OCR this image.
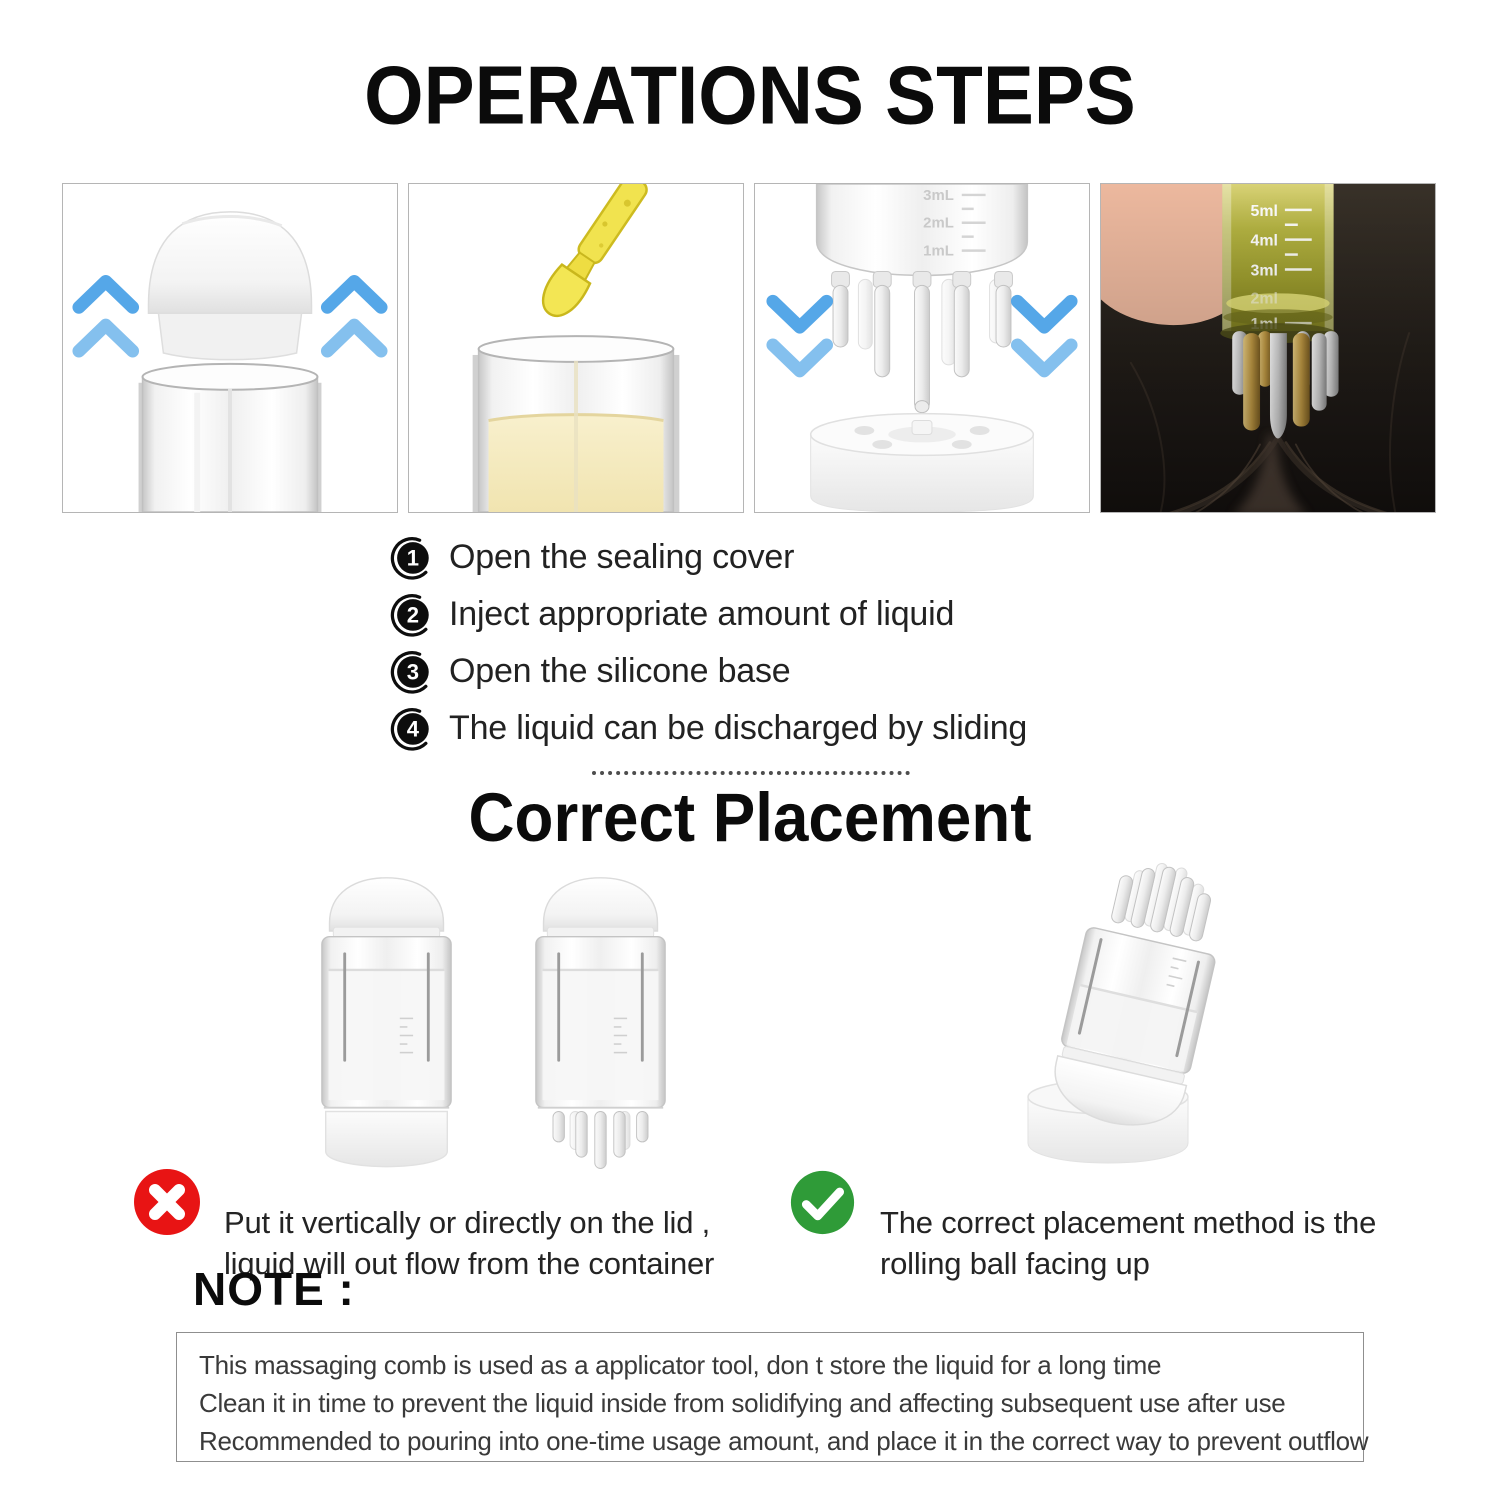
OPERATIONS STEPS
3mL
2mL
1mL
1 Open the sealing cover
2 Inject appropriate amount of liquid
3 Open the silicone base
4 The liquid can be discharged by sliding
Correct Placement

Put it vertically or directly on the lid ,
liquid will out flow from the container

The correct placement method is the
rolling ball facing up

NOTE :

This massaging comb is used as a applicator tool, don t store the liquid for a long time

Clean it in time to prevent the liquid inside from solidifying and affecting subsequent use after use

Recommended to pouring into one-time usage amount, and place it in the correct way to prevent outflow
